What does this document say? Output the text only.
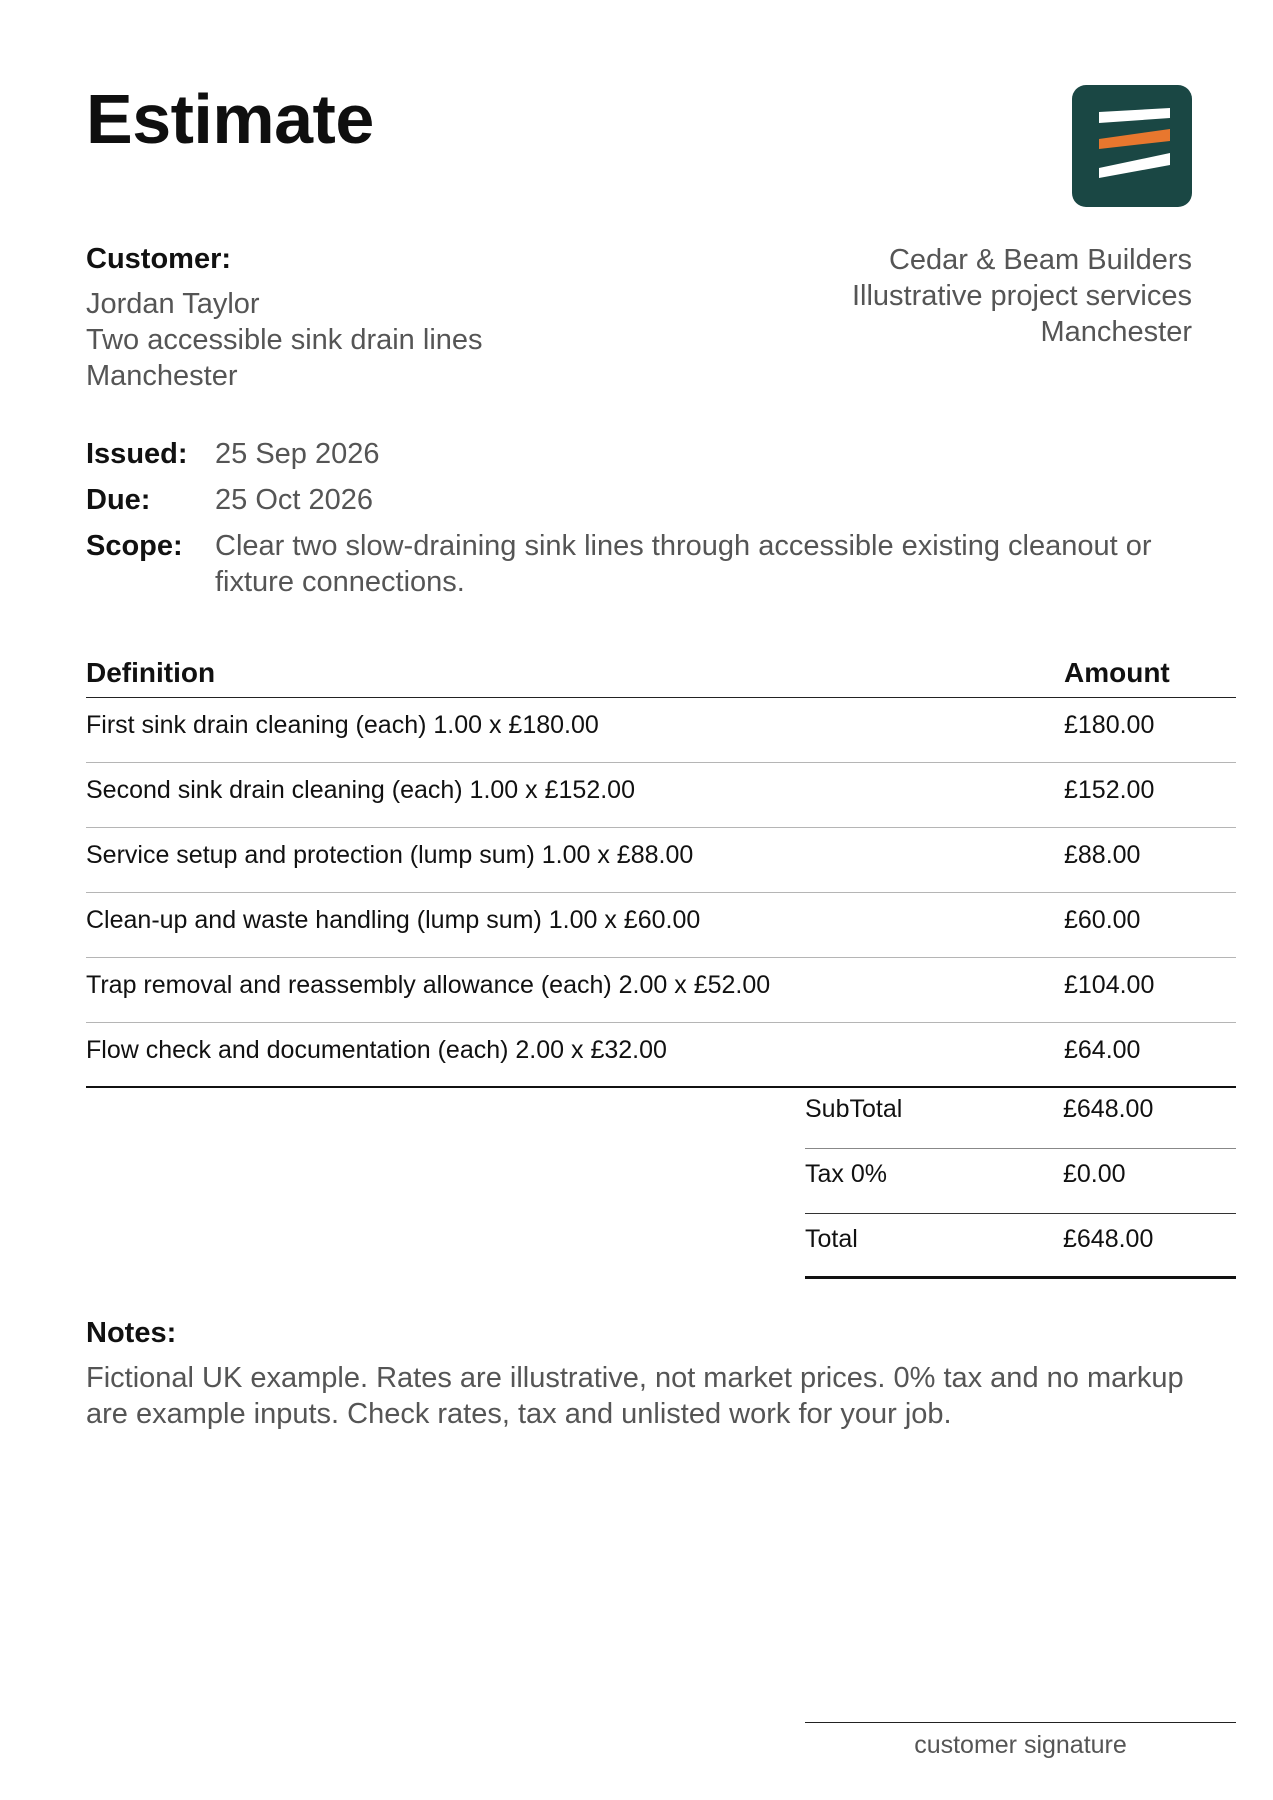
Estimate
Customer:
Jordan Taylor
Two accessible sink drain lines
Manchester
Cedar & Beam Builders
Illustrative project services
Manchester
Issued: 25 Sep 2026
Due:	25 Oct 2026
Scope:	Clear two slow-draining sink lines through accessible existing cleanout or fixture connections.
Definition	Amount
First sink drain cleaning (each) 1.00 x £180.00	£180.00
Second sink drain cleaning (each) 1.00 x £152.00	£152.00
Service setup and protection (lump sum) 1.00 x £88.00	£88.00
Clean-up and waste handling (lump sum) 1.00 x £60.00	£60.00
Trap removal and reassembly allowance (each) 2.00 x £52.00	£104.00
Flow check and documentation (each) 2.00 x £32.00	£64.00
SubTotal	£648.00
Tax 0%	£0.00
Total	£648.00
Notes:
Fictional UK example. Rates are illustrative, not market prices. 0% tax and no markup are example inputs. Check rates, tax and unlisted work for your job.
customer signature
